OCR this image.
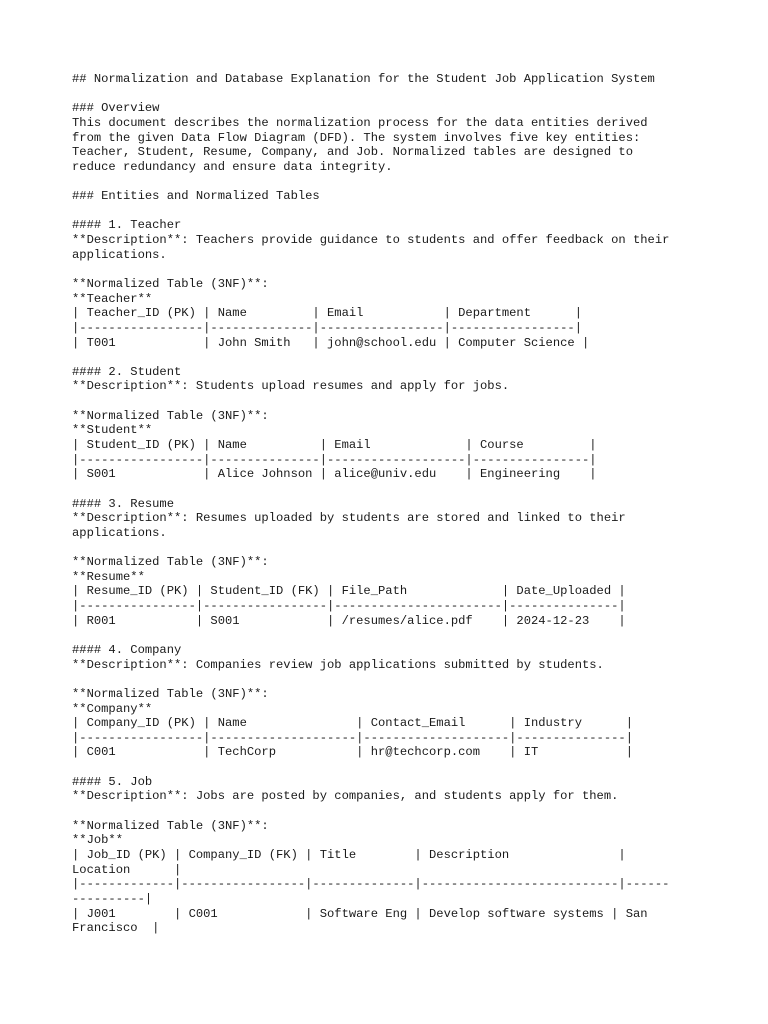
## Normalization and Database Explanation for the Student Job Application System
### Overview
This document describes the normalization process for the data entities derived
from the given Data Flow Diagram (DFD). The system involves five key entities:
Teacher, Student, Resume, Company, and Job. Normalized tables are designed to
reduce redundancy and ensure data integrity.
### Entities and Normalized Tables
#### 1. Teacher
**Description**: Teachers provide guidance to students and offer feedback on their
applications.
**Normalized Table (3NF)**:
**Teacher**
| Teacher_ID (PK) | Name         | Email           | Department      |
|-----------------|--------------|-----------------|-----------------|
| T001            | John Smith   | john@school.edu | Computer Science |
#### 2. Student
**Description**: Students upload resumes and apply for jobs.
**Normalized Table (3NF)**:
**Student**
| Student_ID (PK) | Name          | Email             | Course         |
|-----------------|---------------|-------------------|----------------|
| S001            | Alice Johnson | alice@univ.edu    | Engineering    |
#### 3. Resume
**Description**: Resumes uploaded by students are stored and linked to their
applications.
**Normalized Table (3NF)**:
**Resume**
| Resume_ID (PK) | Student_ID (FK) | File_Path             | Date_Uploaded |
|----------------|-----------------|-----------------------|---------------|
| R001           | S001            | /resumes/alice.pdf    | 2024-12-23    |
#### 4. Company
**Description**: Companies review job applications submitted by students.
**Normalized Table (3NF)**:
**Company**
| Company_ID (PK) | Name               | Contact_Email      | Industry      |
|-----------------|--------------------|--------------------|---------------|
| C001            | TechCorp           | hr@techcorp.com    | IT            |
#### 5. Job
**Description**: Jobs are posted by companies, and students apply for them.
**Normalized Table (3NF)**:
**Job**
| Job_ID (PK) | Company_ID (FK) | Title        | Description               |
Location      |
|-------------|-----------------|--------------|---------------------------|------
----------|
| J001        | C001            | Software Eng | Develop software systems | San
Francisco  |
